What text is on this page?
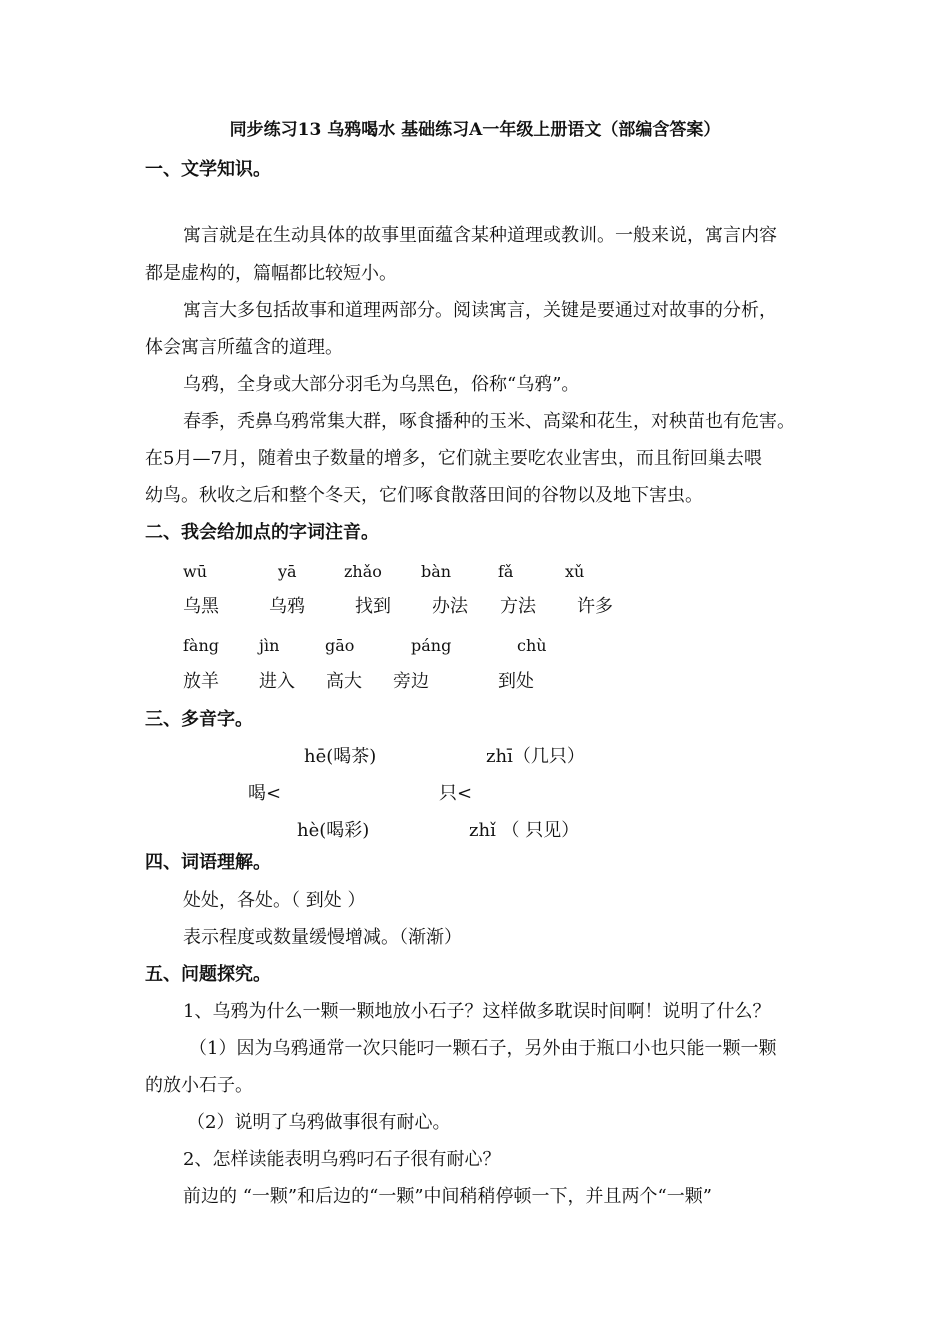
同步练习13 乌鸦喝水 基础练习A一年级上册语文（部编含答案）
一、文学知识。
寓言就是在生动具体的故事里面蕴含某种道理或教训。一般来说，寓言内容
都是虚构的，篇幅都比较短小。
寓言大多包括故事和道理两部分。阅读寓言，关键是要通过对故事的分析，
体会寓言所蕴含的道理。
乌鸦，全身或大部分羽毛为乌黑色，俗称“乌鸦”。
春季，秃鼻乌鸦常集大群，啄食播种的玉米、高粱和花生，对秧苗也有危害。
在5月—7月，随着虫子数量的增多，它们就主要吃农业害虫，而且衔回巢去喂
幼鸟。秋收之后和整个冬天，它们啄食散落田间的谷物以及地下害虫。
二、我会给加点的字词注音。
wū	yā	zhǎo bàn	fǎ	xǔ
乌黑	乌鸦	找到 办法 方法 许多
fàng jìn	gāo	páng	chù
放羊 进入 高大 旁边	到处
三、多音字。
hē(喝茶)	zhī（几只）
喝<	只<
hè(喝彩)	zhǐ （ 只见）
四、词语理解。
处处，各处。（ 到处 ）
表示程度或数量缓慢增减。（渐渐）
五、问题探究。
1、乌鸦为什么一颗一颗地放小石子？这样做多耽误时间啊！说明了什么？
（1）因为乌鸦通常一次只能叼一颗石子，另外由于瓶口小也只能一颗一颗
的放小石子。
（2）说明了乌鸦做事很有耐心。
2、怎样读能表明乌鸦叼石子很有耐心？
前边的 “一颗”和后边的“一颗”中间稍稍停顿一下，并且两个“一颗”
